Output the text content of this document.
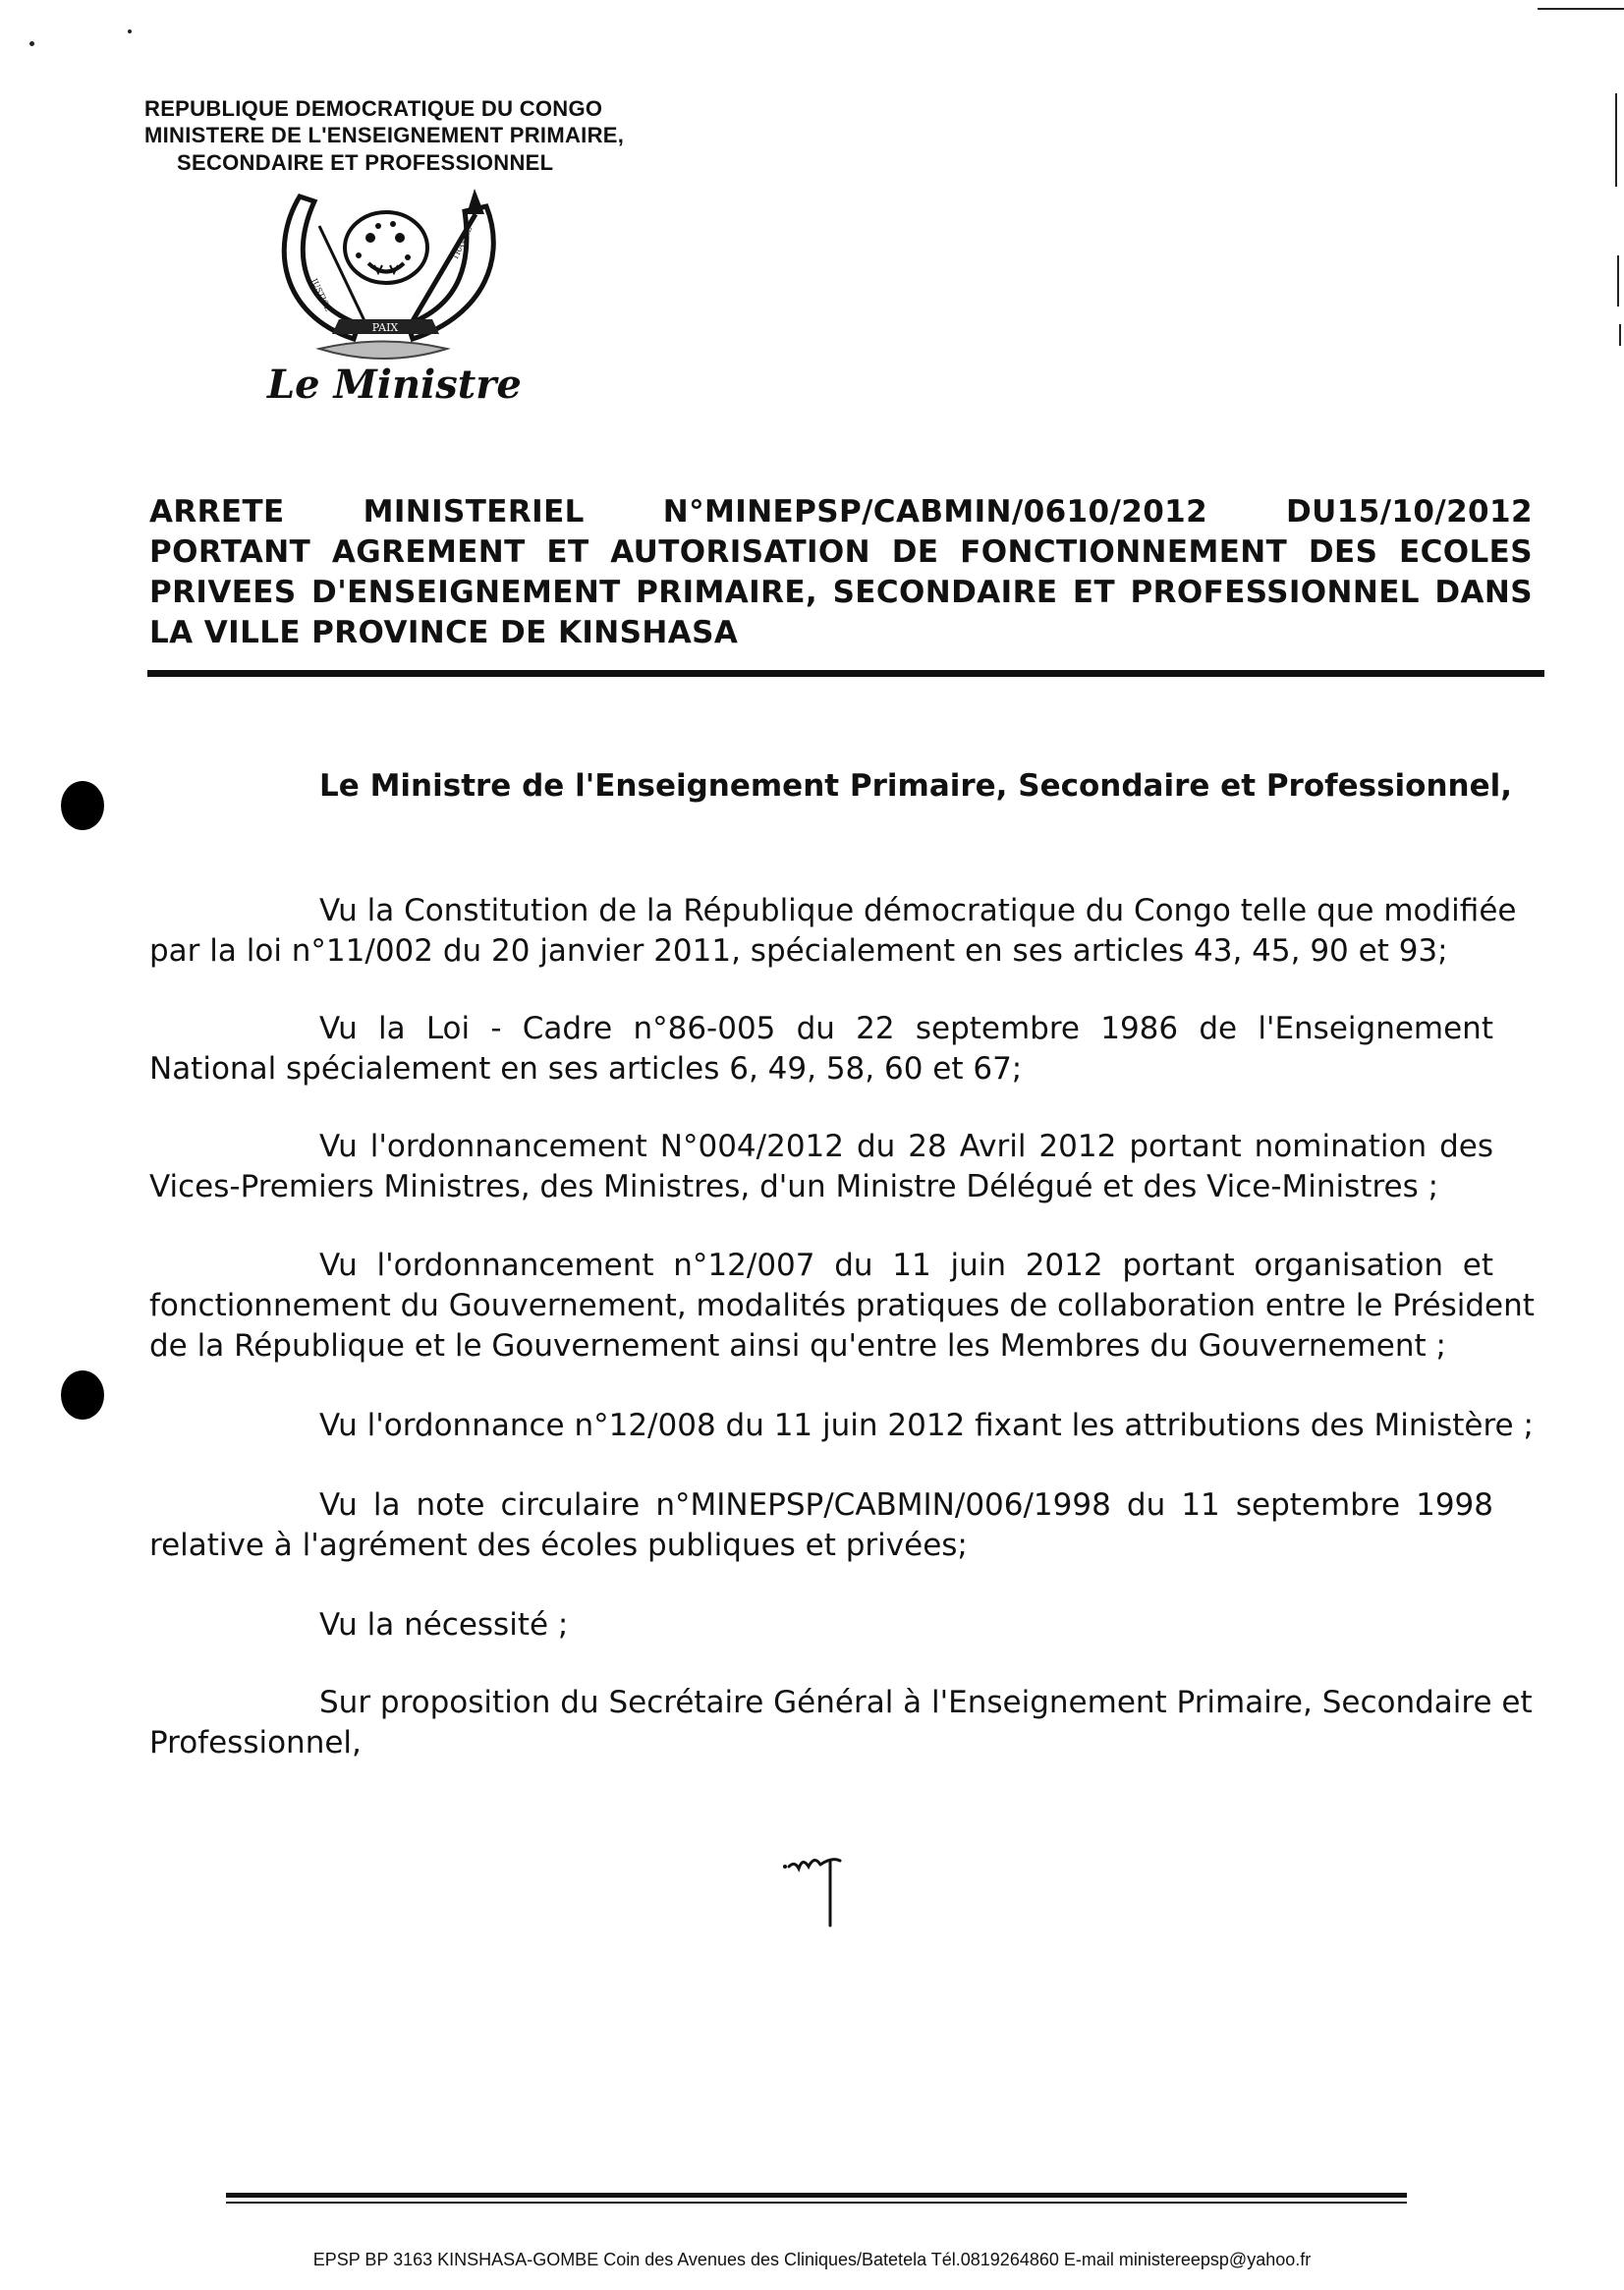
REPUBLIQUE DEMOCRATIQUE DU CONGO
MINISTERE DE L'ENSEIGNEMENT PRIMAIRE,
SECONDAIRE ET PROFESSIONNEL
PAIX
JUSTICE
TRAVAIL
Le Ministre
ARRETE	MINISTERIEL	N°MINEPSP/CABMIN/0610/2012	DU15/10/2012
PORTANT AGREMENT ET AUTORISATION DE FONCTIONNEMENT DES ECOLES
PRIVEES D'ENSEIGNEMENT PRIMAIRE, SECONDAIRE ET PROFESSIONNEL DANS
LA VILLE PROVINCE DE KINSHASA
Le Ministre de l'Enseignement Primaire, Secondaire et Professionnel,
Vu la Constitution de la République démocratique du Congo telle que modifiée
par la loi n°11/002 du 20 janvier 2011, spécialement en ses articles 43, 45, 90 et 93;
Vu la Loi - Cadre n°86-005 du 22 septembre 1986 de l'Enseignement
National spécialement en ses articles 6, 49, 58, 60 et 67;
Vu l'ordonnancement N°004/2012 du 28 Avril 2012 portant nomination des
Vices-Premiers Ministres, des Ministres, d'un Ministre Délégué et des Vice-Ministres ;
Vu l'ordonnancement n°12/007 du 11 juin 2012 portant organisation et
fonctionnement du Gouvernement, modalités pratiques de collaboration entre le Président
de la République et le Gouvernement ainsi qu'entre les Membres du Gouvernement ;
Vu l'ordonnance n°12/008 du 11 juin 2012 fixant les attributions des Ministère ;
Vu la note circulaire n°MINEPSP/CABMIN/006/1998 du 11 septembre 1998
relative à l'agrément des écoles publiques et privées;
Vu la nécessité ;
Sur proposition du Secrétaire Général à l'Enseignement Primaire, Secondaire et
Professionnel,
EPSP BP 3163 KINSHASA-GOMBE Coin des Avenues des Cliniques/Batetela Tél.0819264860 E-mail ministereepsp@yahoo.fr
